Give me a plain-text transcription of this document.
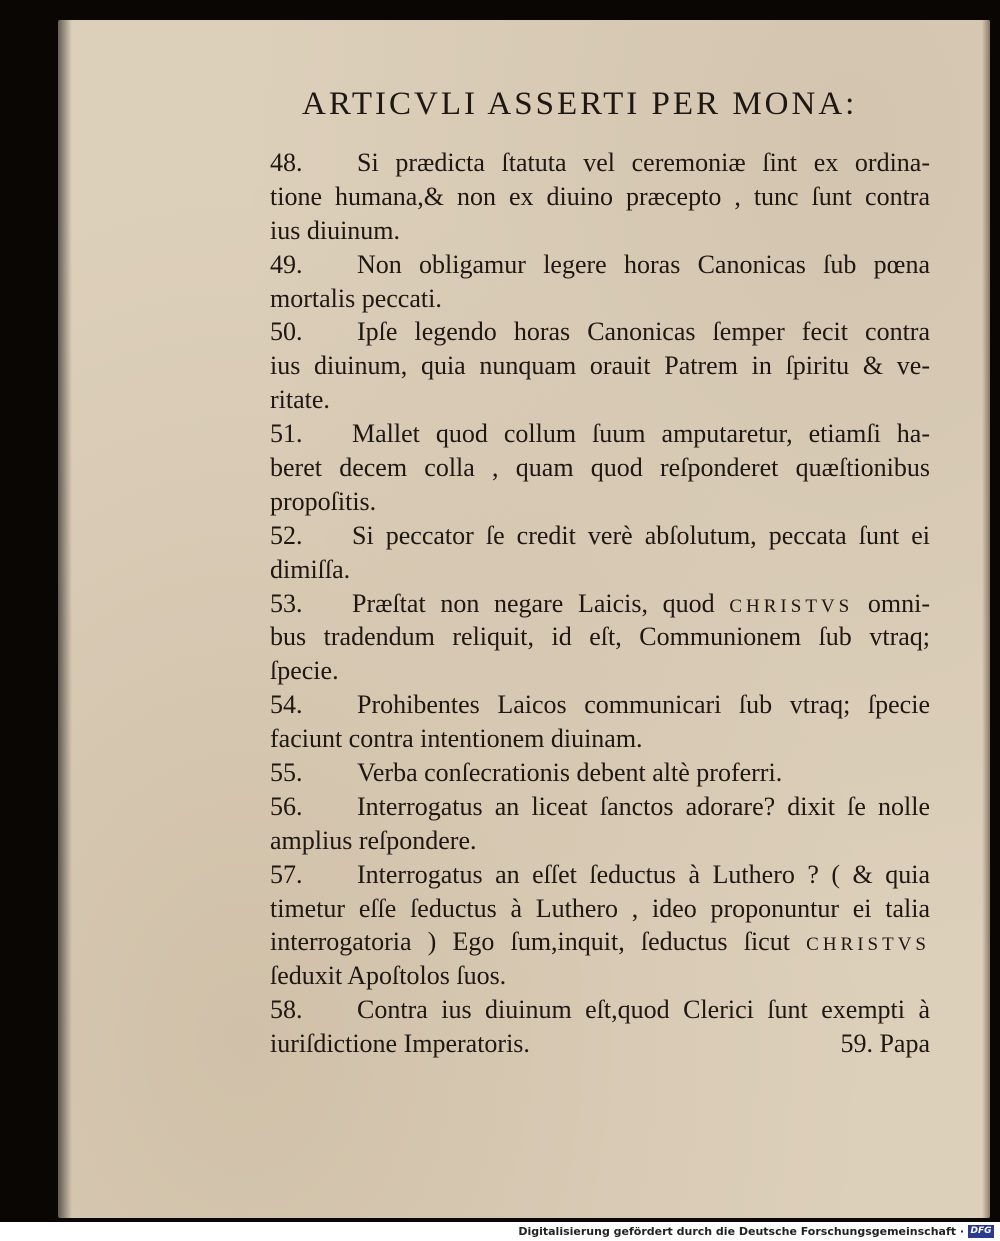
ARTICVLI ASSERTI PER MONA:
48. Si prædicta ſtatuta vel ceremoniæ ſint ex ordina-
tione humana,& non ex diuino præcepto , tunc ſunt contra
ius diuinum.
49. Non obligamur legere horas Canonicas ſub pœna
mortalis peccati.
50. Ipſe legendo horas Canonicas ſemper fecit contra
ius diuinum, quia nunquam orauit Patrem in ſpiritu & ve-
ritate.
51. Mallet quod collum ſuum amputaretur, etiamſi ha-
beret decem colla , quam quod reſponderet quæſtionibus
propoſitis.
52. Si peccator ſe credit verè abſolutum, peccata ſunt ei
dimiſſa.
53. Præſtat non negare Laicis, quod CHRISTVS omni-
bus tradendum reliquit, id eſt, Communionem ſub vtraq;
ſpecie.
54. Prohibentes Laicos communicari ſub vtraq; ſpecie
faciunt contra intentionem diuinam.
55. Verba conſecrationis debent altè proferri.
56. Interrogatus an liceat ſanctos adorare? dixit ſe nolle
amplius reſpondere.
57. Interrogatus an eſſet ſeductus à Luthero ? ( & quia
timetur eſſe ſeductus à Luthero , ideo proponuntur ei talia
interrogatoria ) Ego ſum,inquit, ſeductus ſicut CHRISTVS
ſeduxit Apoſtolos ſuos.
58. Contra ius diuinum eſt,quod Clerici ſunt exempti à
iuriſdictione Imperatoris.	59. Papa
Digitalisierung gefördert durch die Deutsche Forschungsgemeinschaft · DFG
